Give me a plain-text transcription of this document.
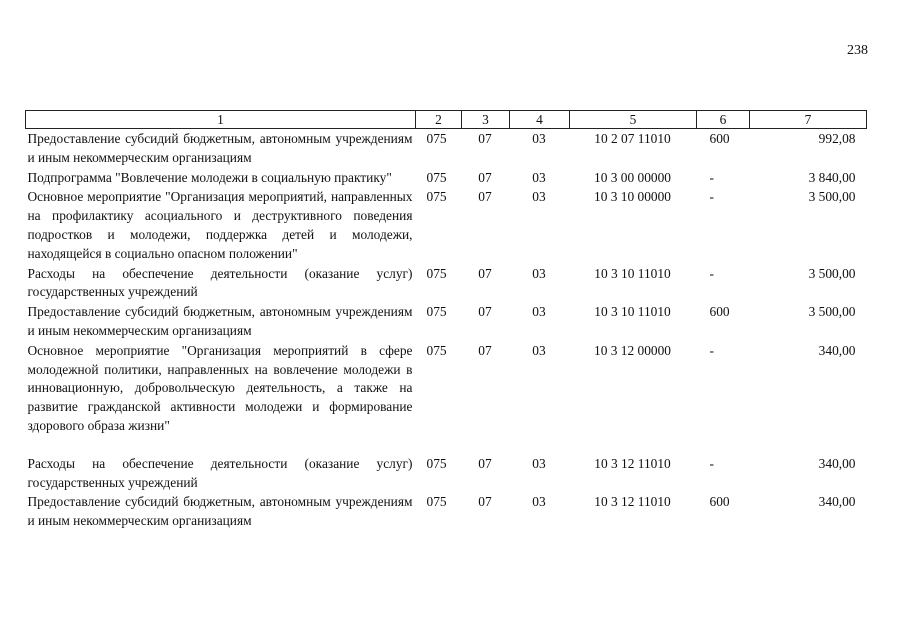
238
1	2	3	4	5	6	7
Предоставление субсидий бюджетным, автономным учреждениям и иным некоммерческим организациям	075	07	03	10 2 07 11010	600	992,08
Подпрограмма "Вовлечение молодежи в социальную практику"	075	07	03	10 3 00 00000	-	3 840,00
Основное мероприятие "Организация мероприятий, направленных на профилактику асоциального и деструктивного поведения подростков и молодежи, поддержка детей и молодежи, находящейся в социально опасном положении"	075	07	03	10 3 10 00000	-	3 500,00
Расходы на обеспечение деятельности (оказание услуг) государственных учреждений	075	07	03	10 3 10 11010	-	3 500,00
Предоставление субсидий бюджетным, автономным учреждениям и иным некоммерческим организациям	075	07	03	10 3 10 11010	600	3 500,00
Основное мероприятие "Организация мероприятий в сфере молодежной политики, направленных на вовлечение молодежи в инновационную, добровольческую деятельность, а также на развитие гражданской активности молодежи и формирование здорового образа жизни"	075	07	03	10 3 12 00000	-	340,00

Расходы на обеспечение деятельности (оказание услуг) государственных учреждений	075	07	03	10 3 12 11010	-	340,00
Предоставление субсидий бюджетным, автономным учреждениям и иным некоммерческим организациям	075	07	03	10 3 12 11010	600	340,00
